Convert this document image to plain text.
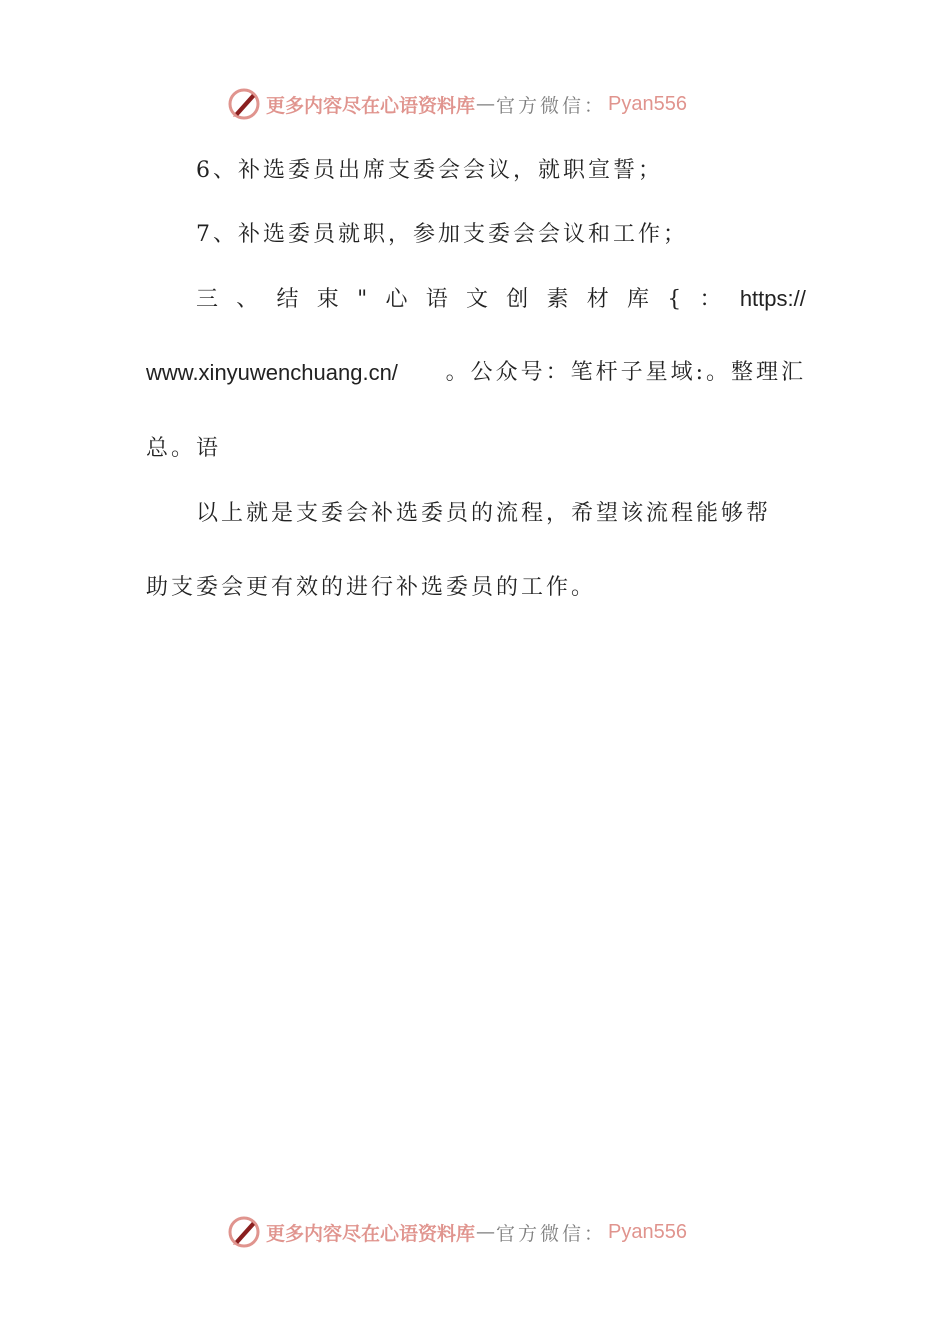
更多内容尽在心语资料库 — 官方微信： Pyan556
6、补选委员出席支委会会议，就职宣誓；
7、补选委员就职，参加支委会会议和工作；
三 、 结 束 " 心 语 文 创 素 材 库 { ： https://
www.xinyuwenchuang.cn/ 。公众号：笔杆子星域:。整理汇
总。语
以上就是支委会补选委员的流程，希望该流程能够帮
助支委会更有效的进行补选委员的工作。
更多内容尽在心语资料库 — 官方微信： Pyan556
